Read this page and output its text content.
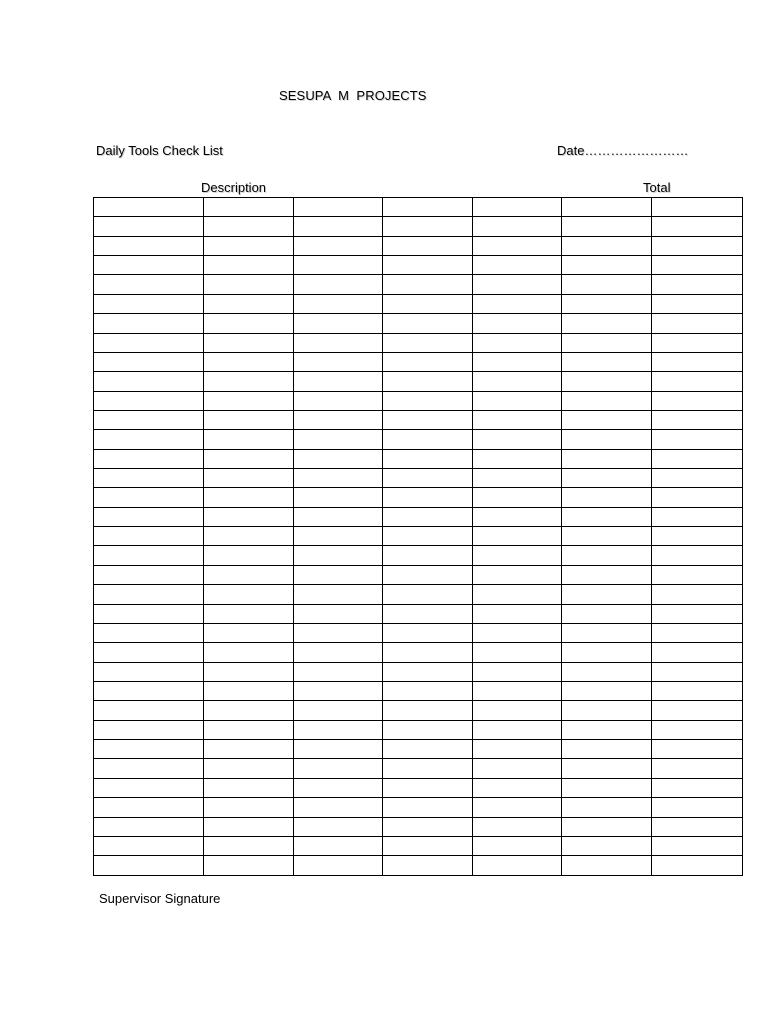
SESUPA  M  PROJECTS
Daily Tools Check List	Date……………………
Description	Total

Supervisor Signature
